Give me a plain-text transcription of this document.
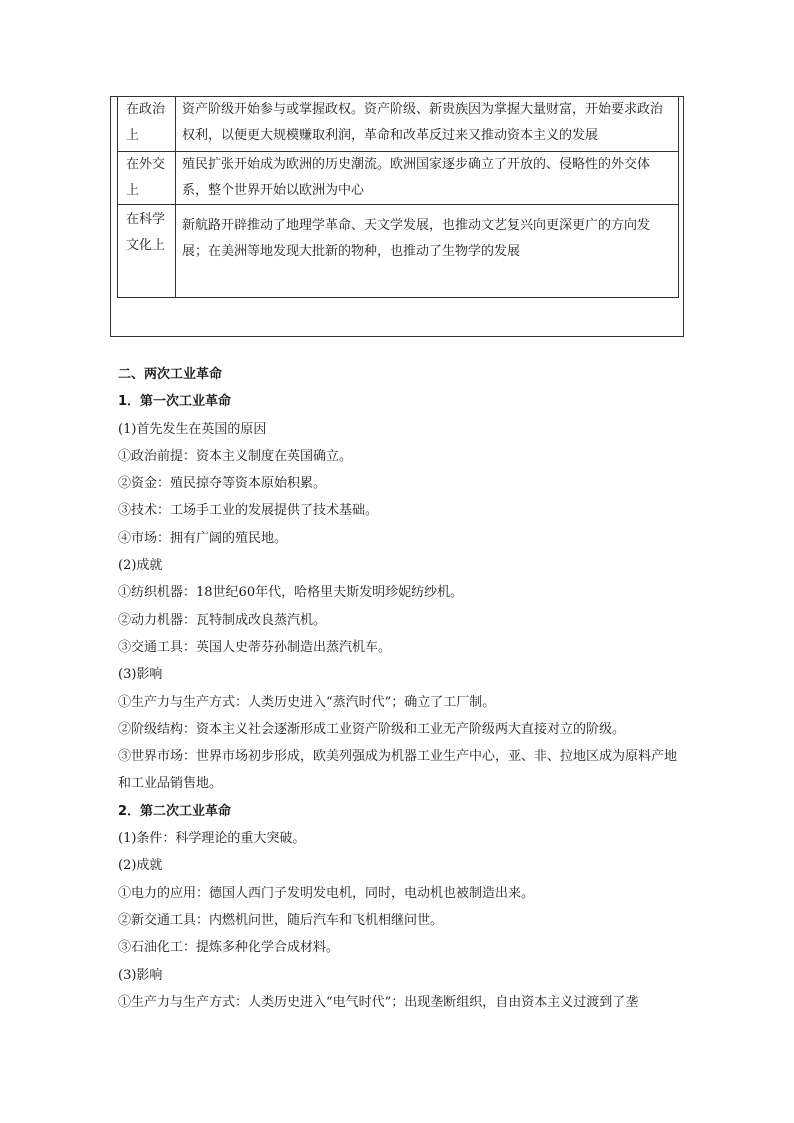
在政治上	资产阶级开始参与或掌握政权。资产阶级、新贵族因为掌握大量财富，开始要求政治权利，以便更大规模赚取利润，革命和改革反过来又推动资本主义的发展
在外交上	殖民扩张开始成为欧洲的历史潮流。欧洲国家逐步确立了开放的、侵略性的外交体系，整个世界开始以欧洲为中心
在科学文化上	新航路开辟推动了地理学革命、天文学发展，也推动文艺复兴向更深更广的方向发展；在美洲等地发现大批新的物种，也推动了生物学的发展
二、两次工业革命
1．第一次工业革命
(1)首先发生在英国的原因
①政治前提：资本主义制度在英国确立。
②资金：殖民掠夺等资本原始积累。
③技术：工场手工业的发展提供了技术基础。
④市场：拥有广阔的殖民地。
(2)成就
①纺织机器：18世纪60年代，哈格里夫斯发明珍妮纺纱机。
②动力机器：瓦特制成改良蒸汽机。
③交通工具：英国人史蒂芬孙制造出蒸汽机车。
(3)影响
①生产力与生产方式：人类历史进入“蒸汽时代”；确立了工厂制。
②阶级结构：资本主义社会逐渐形成工业资产阶级和工业无产阶级两大直接对立的阶级。
③世界市场：世界市场初步形成，欧美列强成为机器工业生产中心，亚、非、拉地区成为原料产地和工业品销售地。
2．第二次工业革命
(1)条件：科学理论的重大突破。
(2)成就
①电力的应用：德国人西门子发明发电机，同时，电动机也被制造出来。
②新交通工具：内燃机问世，随后汽车和飞机相继问世。
③石油化工：提炼多种化学合成材料。
(3)影响
①生产力与生产方式：人类历史进入“电气时代”；出现垄断组织，自由资本主义过渡到了垄
